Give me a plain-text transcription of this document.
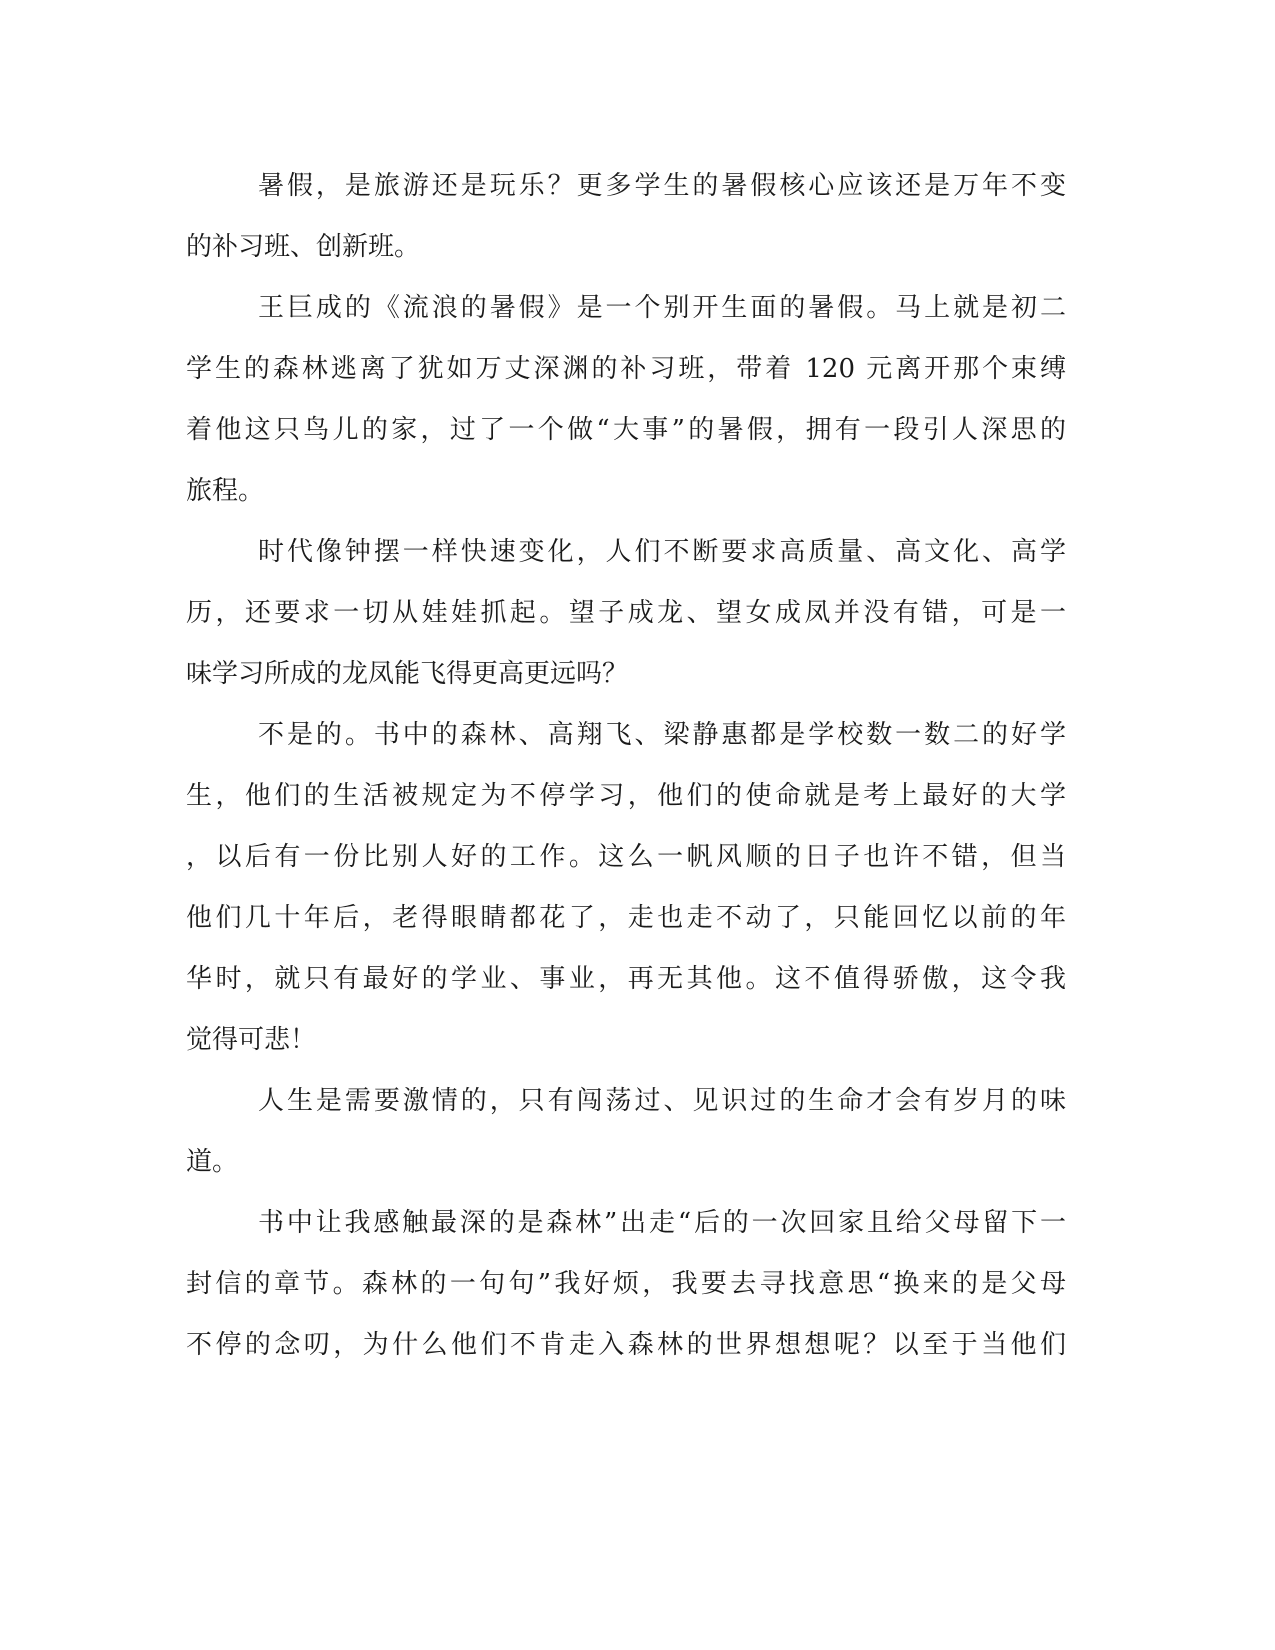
暑假，是旅游还是玩乐？更多学生的暑假核心应该还是万年不变
的补习班、创新班。
王巨成的《流浪的暑假》是一个别开生面的暑假。马上就是初二
学生的森林逃离了犹如万丈深渊的补习班，带着 120 元离开那个束缚
着他这只鸟儿的家，过了一个做“大事”的暑假，拥有一段引人深思的
旅程。
时代像钟摆一样快速变化，人们不断要求高质量、高文化、高学
历，还要求一切从娃娃抓起。望子成龙、望女成凤并没有错，可是一
味学习所成的龙凤能飞得更高更远吗？
不是的。书中的森林、高翔飞、梁静惠都是学校数一数二的好学
生，他们的生活被规定为不停学习，他们的使命就是考上最好的大学
，以后有一份比别人好的工作。这么一帆风顺的日子也许不错，但当
他们几十年后，老得眼睛都花了，走也走不动了，只能回忆以前的年
华时，就只有最好的学业、事业，再无其他。这不值得骄傲，这令我
觉得可悲！
人生是需要激情的，只有闯荡过、见识过的生命才会有岁月的味
道。
书中让我感触最深的是森林”出走“后的一次回家且给父母留下一
封信的章节。森林的一句句”我好烦，我要去寻找意思“换来的是父母
不停的念叨，为什么他们不肯走入森林的世界想想呢？以至于当他们
